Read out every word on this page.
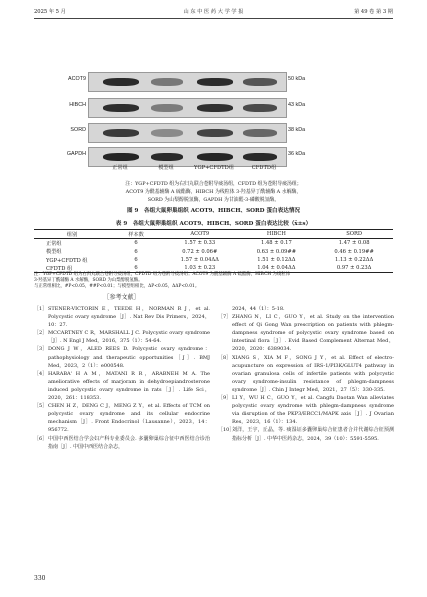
2025 年 5 月	山 东 中 医 药 大 学 学 报	第 49 卷 第 3 期
ACOT9	50 kDa
HIBCH	43 kDa
SORD	38 kDa
GAPDH	36 kDa
正常组	模型组	YGP+CFDTD组	CFDTD组
注：YGP+CFDTD 组为右归丸联合苍附导痰汤组，CFDTD 组为苍附导痰汤组；
ACOT9 为酰基辅酶 A 硫酯酶，HIBCH 为线粒体 3-羟基异丁酰辅酶 A 水解酶，
SORD 为山梨醇脱氢酶，GAPDH 为甘油醛-3-磷酸脱氢酶。
图 9　各组大鼠卵巢组织 ACOT9、HIBCH、SORD 蛋白表达情况
表 9　各组大鼠卵巢组织 ACOT9、HIBCH、SORD 蛋白表达比较（x̄±s）
组别	样本数	ACOT9	HIBCH	SORD
正常组	6	1.57 ± 0.33	1.48 ± 0.17	1.47 ± 0.08
模型组	6	0.72 ± 0.06#	0.63 ± 0.09##	0.46 ± 0.19##
YGP+CFDTD 组	6	1.57 ± 0.04ΔΔ	1.51 ± 0.12ΔΔ	1.13 ± 0.22ΔΔ
CFDTD 组	6	1.03 ± 0.23	1.04 ± 0.04ΔΔ	0.97 ± 0.23Δ
注：YGP+CFDTD 组为右归丸联合苍附导痰汤组，CFDTD 组为苍附导痰汤组；ACOT9 为酰基辅酶 A 硫酯酶，HIBCH 为线粒体
3-羟基异丁酰辅酶 A 水解酶，SORD 为山梨醇脱氢酶。
与正常组相比，#P<0.05，##P<0.01；与模型组相比，ΔP<0.05，ΔΔP<0.01。
［参考文献］
［1］ STENER-VICTORIN E，TEEDE H，NORMAN R J，et al. Polycystic ovary syndrome［J］. Nat Rev Dis Primers，2024，10：27.
［2］ MCCARTNEY C R，MARSHALL J C. Polycystic ovary syndrome［J］. N Engl J Med，2016，375（1）：54-64.
［3］ DONG J W，ALED REES D. Polycystic ovary syndrome：pathophysiology and therapeutic opportunities［J］. BMJ Med，2023，2（1）：e000548.
［4］ HARABA' H A M，MATANI R R，ARABNEH M A. The ameliorative effects of marjoram in dehydroepiandrosterone induced polycystic ovary syndrome in rats［J］. Life Sci，2020，261：118353.
［5］ CHEN H Z，DENG C J，MENG Z Y，et al. Effects of TCM on polycystic ovary syndrome and its cellular endocrine mechanism［J］. Front Endocrinol（Lausanne），2023，14：956772.
［6］ 中国中西医结合学会妇产科专业委员会. 多囊卵巢综合征中西医结合诊治指南［J］. 中国中西医结合杂志，
2024，44（1）：5-18.
［7］ ZHANG N，LI C，GUO Y，et al. Study on the intervention effect of Qi Gong Wan prescription on patients with phlegm-dampness syndrome of polycystic ovary syndrome based on intestinal flora［J］. Evid Based Complement Alternat Med，2020，2020：6389034.
［8］ XIANG S，XIA M F，SONG J Y，et al. Effect of electro-acupuncture on expression of IRS-1/PI3K/GLUT4 pathway in ovarian granulosa cells of infertile patients with polycystic ovary syndrome-insulin resistance of phlegm-dampness syndrome［J］. Chin J Integr Med，2021，27（5）：330-335.
［9］ LI Y，WU H C，GUO Y，et al. Cangfu Daotan Wan alleviates polycystic ovary syndrome with phlegm-dampness syndrome via disruption of the PKP3/ERCC1/MAPK axis［J］. J Ovarian Res，2023，16（1）：134.
［10］
刘洋，王宇，丘晶，等. 痰湿证多囊卵巢综合征患者合并代谢综合征预测指标分析［J］. 中华中医药杂志，2024，39（10）：5591-5595.
330
